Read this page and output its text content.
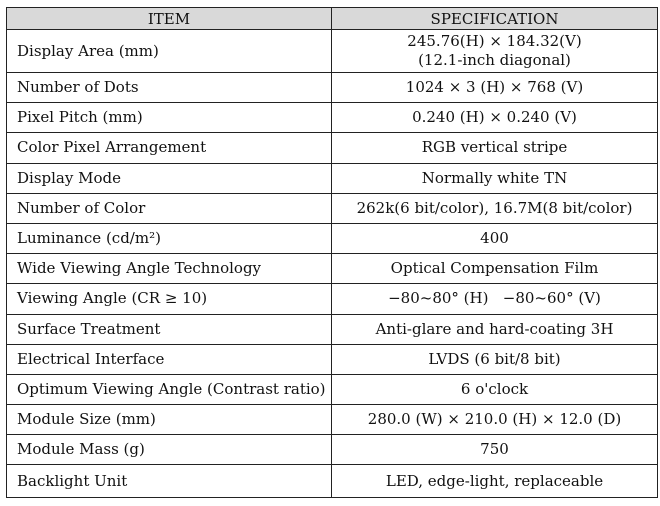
ITEM	SPECIFICATION
Display Area (mm)	245.76(H) × 184.32(V)
(12.1-inch diagonal)

Number of Dots	1024 × 3 (H) × 768 (V)
Pixel Pitch (mm)	0.240 (H) × 0.240 (V)
Color Pixel Arrangement	RGB vertical stripe
Display Mode	Normally white TN
Number of Color	262k(6 bit/color), 16.7M(8 bit/color)
Luminance (cd/m²)	400
Wide Viewing Angle Technology	Optical Compensation Film
Viewing Angle (CR ≥ 10)	−80~80° (H)   −80~60° (V)
Surface Treatment	Anti-glare and hard-coating 3H
Electrical Interface	LVDS (6 bit/8 bit)
Optimum Viewing Angle (Contrast ratio)	6 o'clock
Module Size (mm)	280.0 (W) × 210.0 (H) × 12.0 (D)
Module Mass (g)	750
Backlight Unit	LED, edge-light, replaceable
